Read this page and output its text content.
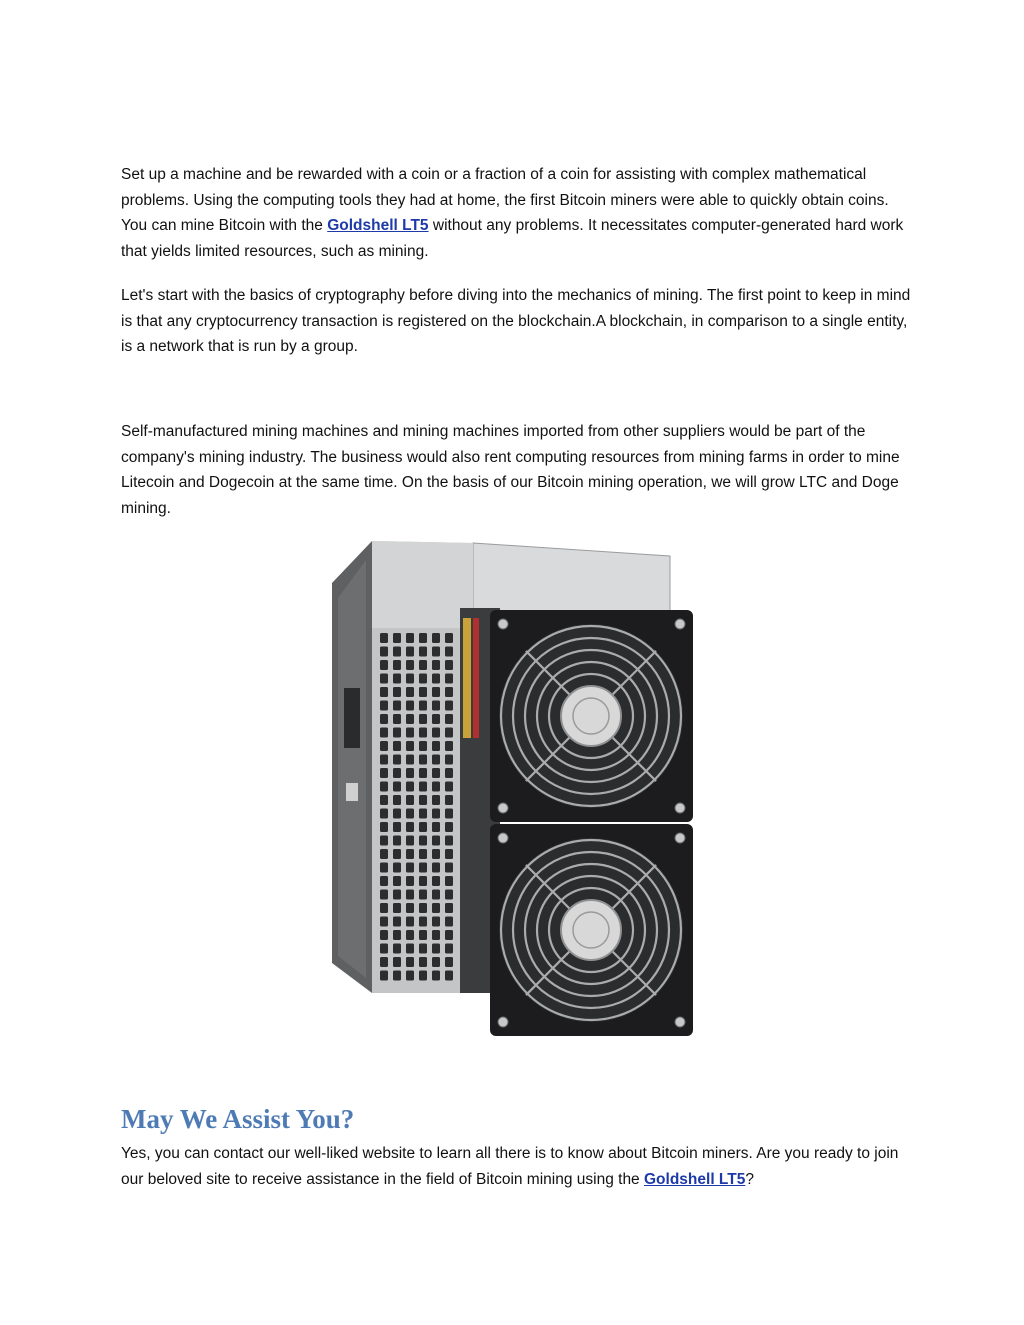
Set up a machine and be rewarded with a coin or a fraction of a coin for assisting with complex mathematical problems. Using the computing tools they had at home, the first Bitcoin miners were able to quickly obtain coins. You can mine Bitcoin with the Goldshell LT5 without any problems. It necessitates computer-generated hard work that yields limited resources, such as mining.

Let's start with the basics of cryptography before diving into the mechanics of mining. The first point to keep in mind is that any cryptocurrency transaction is registered on the blockchain.A blockchain, in comparison to a single entity, is a network that is run by a group.

Self-manufactured mining machines and mining machines imported from other suppliers would be part of the company's mining industry. The business would also rent computing resources from mining farms in order to mine Litecoin and Dogecoin at the same time. On the basis of our Bitcoin mining operation, we will grow LTC and Doge mining.

May We Assist You?

Yes, you can contact our well-liked website to learn all there is to know about Bitcoin miners. Are you ready to join our beloved site to receive assistance in the field of Bitcoin mining using the Goldshell LT5?
